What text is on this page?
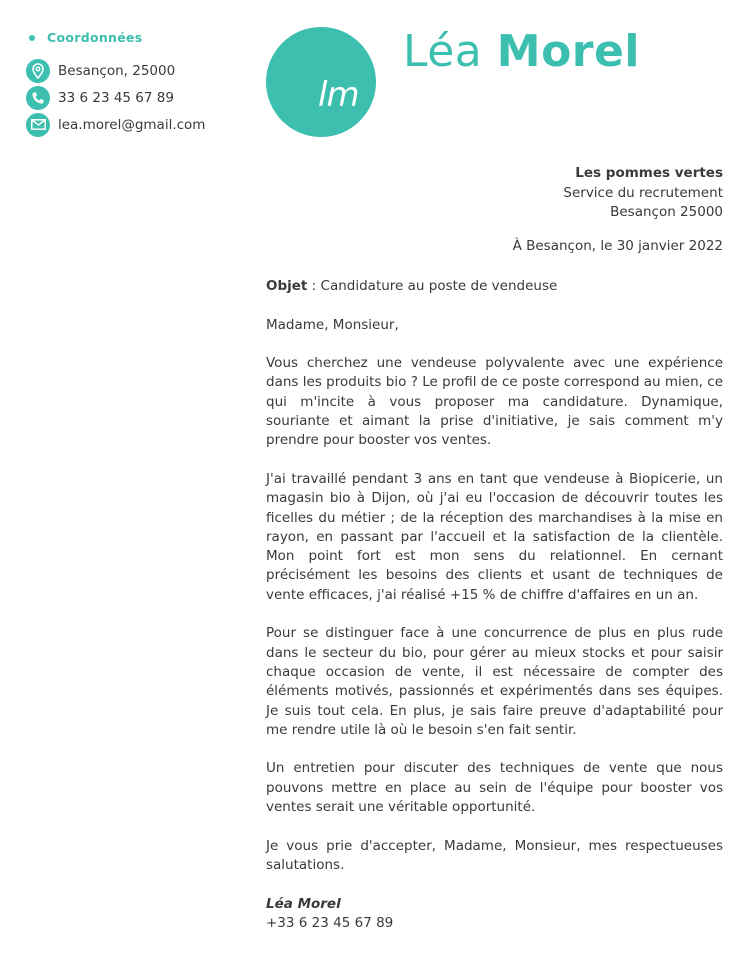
Coordonnées
Besançon, 25000
33 6 23 45 67 89
lea.morel@gmail.com
lm
Léa Morel
Les pommes vertes
Service du recrutement
Besançon 25000
À Besançon, le 30 janvier 2022

Objet : Candidature au poste de vendeuse

Madame, Monsieur,

Vous cherchez une vendeuse polyvalente avec une expérience dans les produits bio ? Le profil de ce poste correspond au mien, ce qui m'incite à vous proposer ma candidature. Dynamique, souriante et aimant la prise d'initiative, je sais comment m'y prendre pour booster vos ventes.

J'ai travaillé pendant 3 ans en tant que vendeuse à Biopicerie, un magasin bio à Dijon, où j'ai eu l'occasion de découvrir toutes les ficelles du métier ; de la réception des marchandises à la mise en rayon, en passant par l'accueil et la satisfaction de la clientèle. Mon point fort est mon sens du relationnel. En cernant précisément les besoins des clients et usant de techniques de vente efficaces, j'ai réalisé +15 % de chiffre d'affaires en un an.

Pour se distinguer face à une concurrence de plus en plus rude dans le secteur du bio, pour gérer au mieux stocks et pour saisir chaque occasion de vente, il est nécessaire de compter des éléments motivés, passionnés et expérimentés dans ses équipes. Je suis tout cela. En plus, je sais faire preuve d'adaptabilité pour me rendre utile là où le besoin s'en fait sentir.

Un entretien pour discuter des techniques de vente que nous pouvons mettre en place au sein de l'équipe pour booster vos ventes serait une véritable opportunité.

Je vous prie d'accepter, Madame, Monsieur, mes respectueuses salutations.

Léa Morel
+33 6 23 45 67 89
